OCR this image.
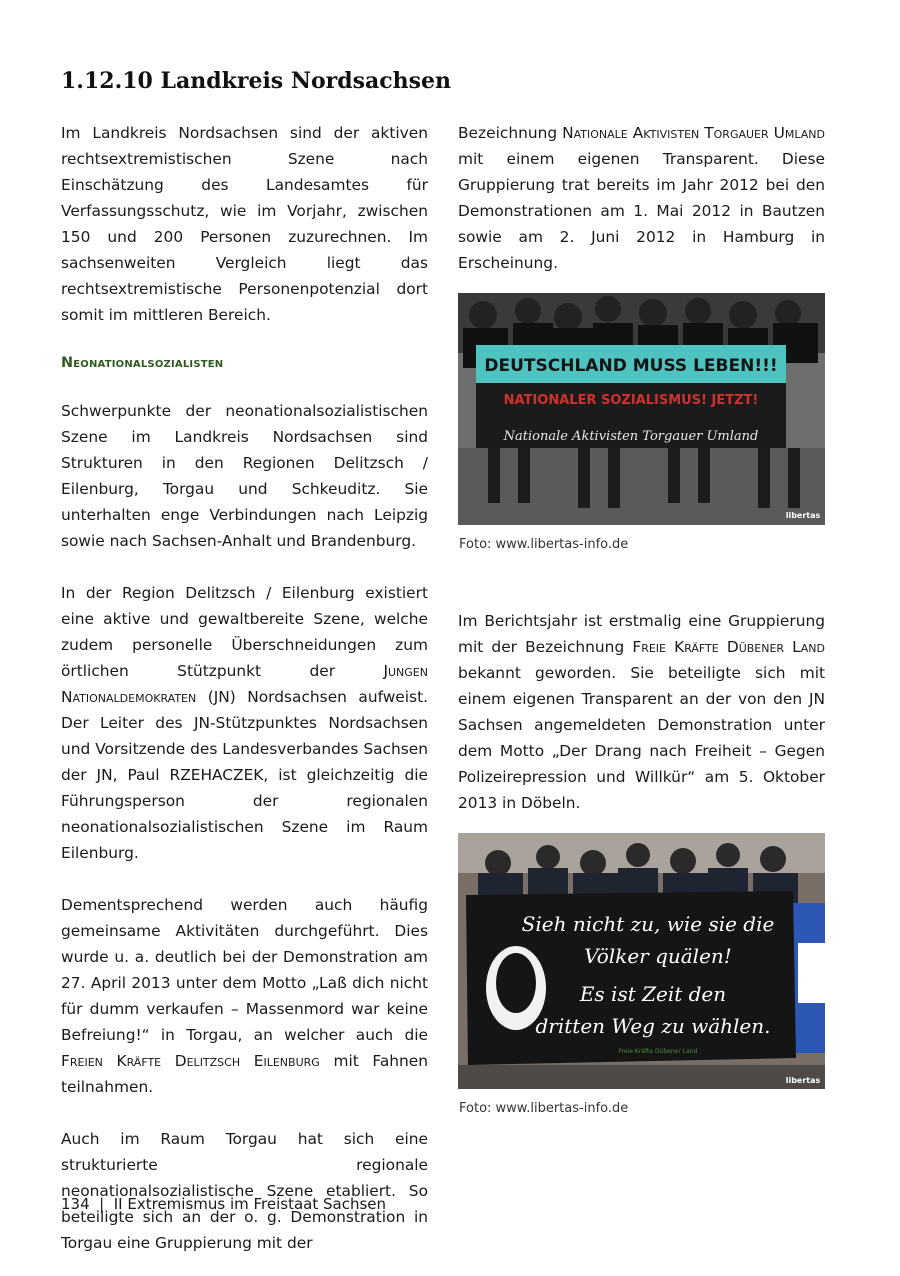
1.12.10 Landkreis Nordsachsen

Im Landkreis Nordsachsen sind der aktiven rechtsextremistischen Szene nach Einschätzung des Landesamtes für Verfassungsschutz, wie im Vorjahr, zwischen 150 und 200 Personen zuzurechnen. Im sachsenweiten Vergleich liegt das rechtsextremistische Personenpotenzial dort somit im mittleren Bereich.

Neonationalsozialisten

Schwerpunkte der neonationalsozialistischen Szene im Landkreis Nordsachsen sind Strukturen in den Regionen Delitzsch / Eilenburg, Torgau und Schkeuditz. Sie unterhalten enge Verbindungen nach Leipzig sowie nach Sachsen-Anhalt und Brandenburg.

In der Region Delitzsch / Eilenburg existiert eine aktive und gewaltbereite Szene, welche zudem personelle Überschneidungen zum örtlichen Stützpunkt der Jungen Nationaldemokraten (JN) Nordsachsen aufweist. Der Leiter des JN-Stützpunktes Nordsachsen und Vorsitzende des Landesverbandes Sachsen der JN, Paul RZEHACZEK, ist gleichzeitig die Führungsperson der regionalen neonationalsozialistischen Szene im Raum Eilenburg.

Dementsprechend werden auch häufig gemeinsame Aktivitäten durchgeführt. Dies wurde u. a. deutlich bei der Demonstration am 27. April 2013 unter dem Motto „Laß dich nicht für dumm verkaufen – Massenmord war keine Befreiung!“ in Torgau, an welcher auch die Freien Kräfte Delitzsch Eilenburg mit Fahnen teilnahmen.

Auch im Raum Torgau hat sich eine strukturierte regionale neonationalsozialistische Szene etabliert. So beteiligte sich an der o. g. Demonstration in Torgau eine Gruppierung mit der

Bezeichnung Nationale Aktivisten Torgauer Umland mit einem eigenen Transparent. Diese Gruppierung trat bereits im Jahr 2012 bei den Demonstrationen am 1. Mai 2012 in Bautzen sowie am 2. Juni 2012 in Hamburg in Erscheinung.

DEUTSCHLAND MUSS LEBEN!!!
NATIONALER SOZIALISMUS! JETZT!
Nationale Aktivisten Torgauer Umland
libertas
Foto: www.libertas-info.de

Im Berichtsjahr ist erstmalig eine Gruppierung mit der Bezeichnung Freie Kräfte Dübener Land bekannt geworden. Sie beteiligte sich mit einem eigenen Transparent an der von den JN Sachsen angemeldeten Demonstration unter dem Motto „Der Drang nach Freiheit – Gegen Polizeirepression und Willkür“ am 5. Oktober 2013 in Döbeln.

Sieh nicht zu, wie sie die
Völker quälen!
Es ist Zeit den
dritten Weg zu wählen.
Freie Kräfte Dübener Land
libertas
Foto: www.libertas-info.de
134  |  II Extremismus im Freistaat Sachsen
